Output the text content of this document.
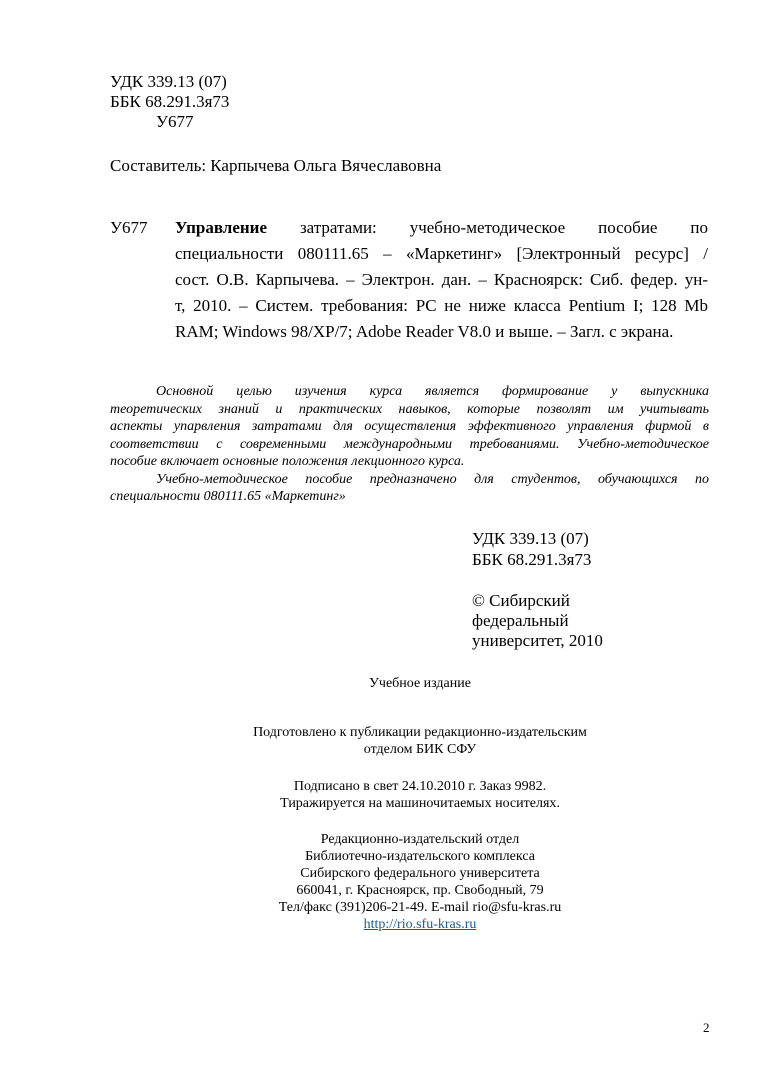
УДК 339.13 (07)
ББК 68.291.3я73
У677
Составитель: Карпычева Ольга Вячеславовна
У677 Управление затратами: учебно-методическое пособие по
специальности 080111.65 – «Маркетинг» [Электронный ресурс] /
сост. О.В. Карпычева. – Электрон. дан. – Красноярск: Сиб. федер. ун-
т, 2010. – Систем. требования: PC не ниже класса Pentium I; 128 Mb
RAM; Windows 98/XP/7; Adobe Reader V8.0 и выше. – Загл. с экрана.
Основной целью изучения курса является формирование у выпускника
теоретических знаний и практических навыков, которые позволят им учитывать
аспекты упарвления затратами для осуществления эффективного управления фирмой в
соответствии с современными международными требованиями. Учебно-методическое
пособие включает основные положения лекционного курса.
Учебно-методическое пособие предназначено для студентов, обучающихся по
специальности 080111.65 «Маркетинг»
УДК 339.13 (07)
ББК 68.291.3я73
© Сибирский
федеральный
университет, 2010
Учебное издание
Подготовлено к публикации редакционно-издательским
отделом БИК СФУ
Подписано в свет 24.10.2010 г. Заказ 9982.
Тиражируется на машиночитаемых носителях.
Редакционно-издательский отдел
Библиотечно-издательского комплекса
Сибирского федерального университета
660041, г. Красноярск, пр. Свободный, 79
Тел/факс (391)206-21-49. E-mail rio@sfu-kras.ru
http://rio.sfu-kras.ru
2
